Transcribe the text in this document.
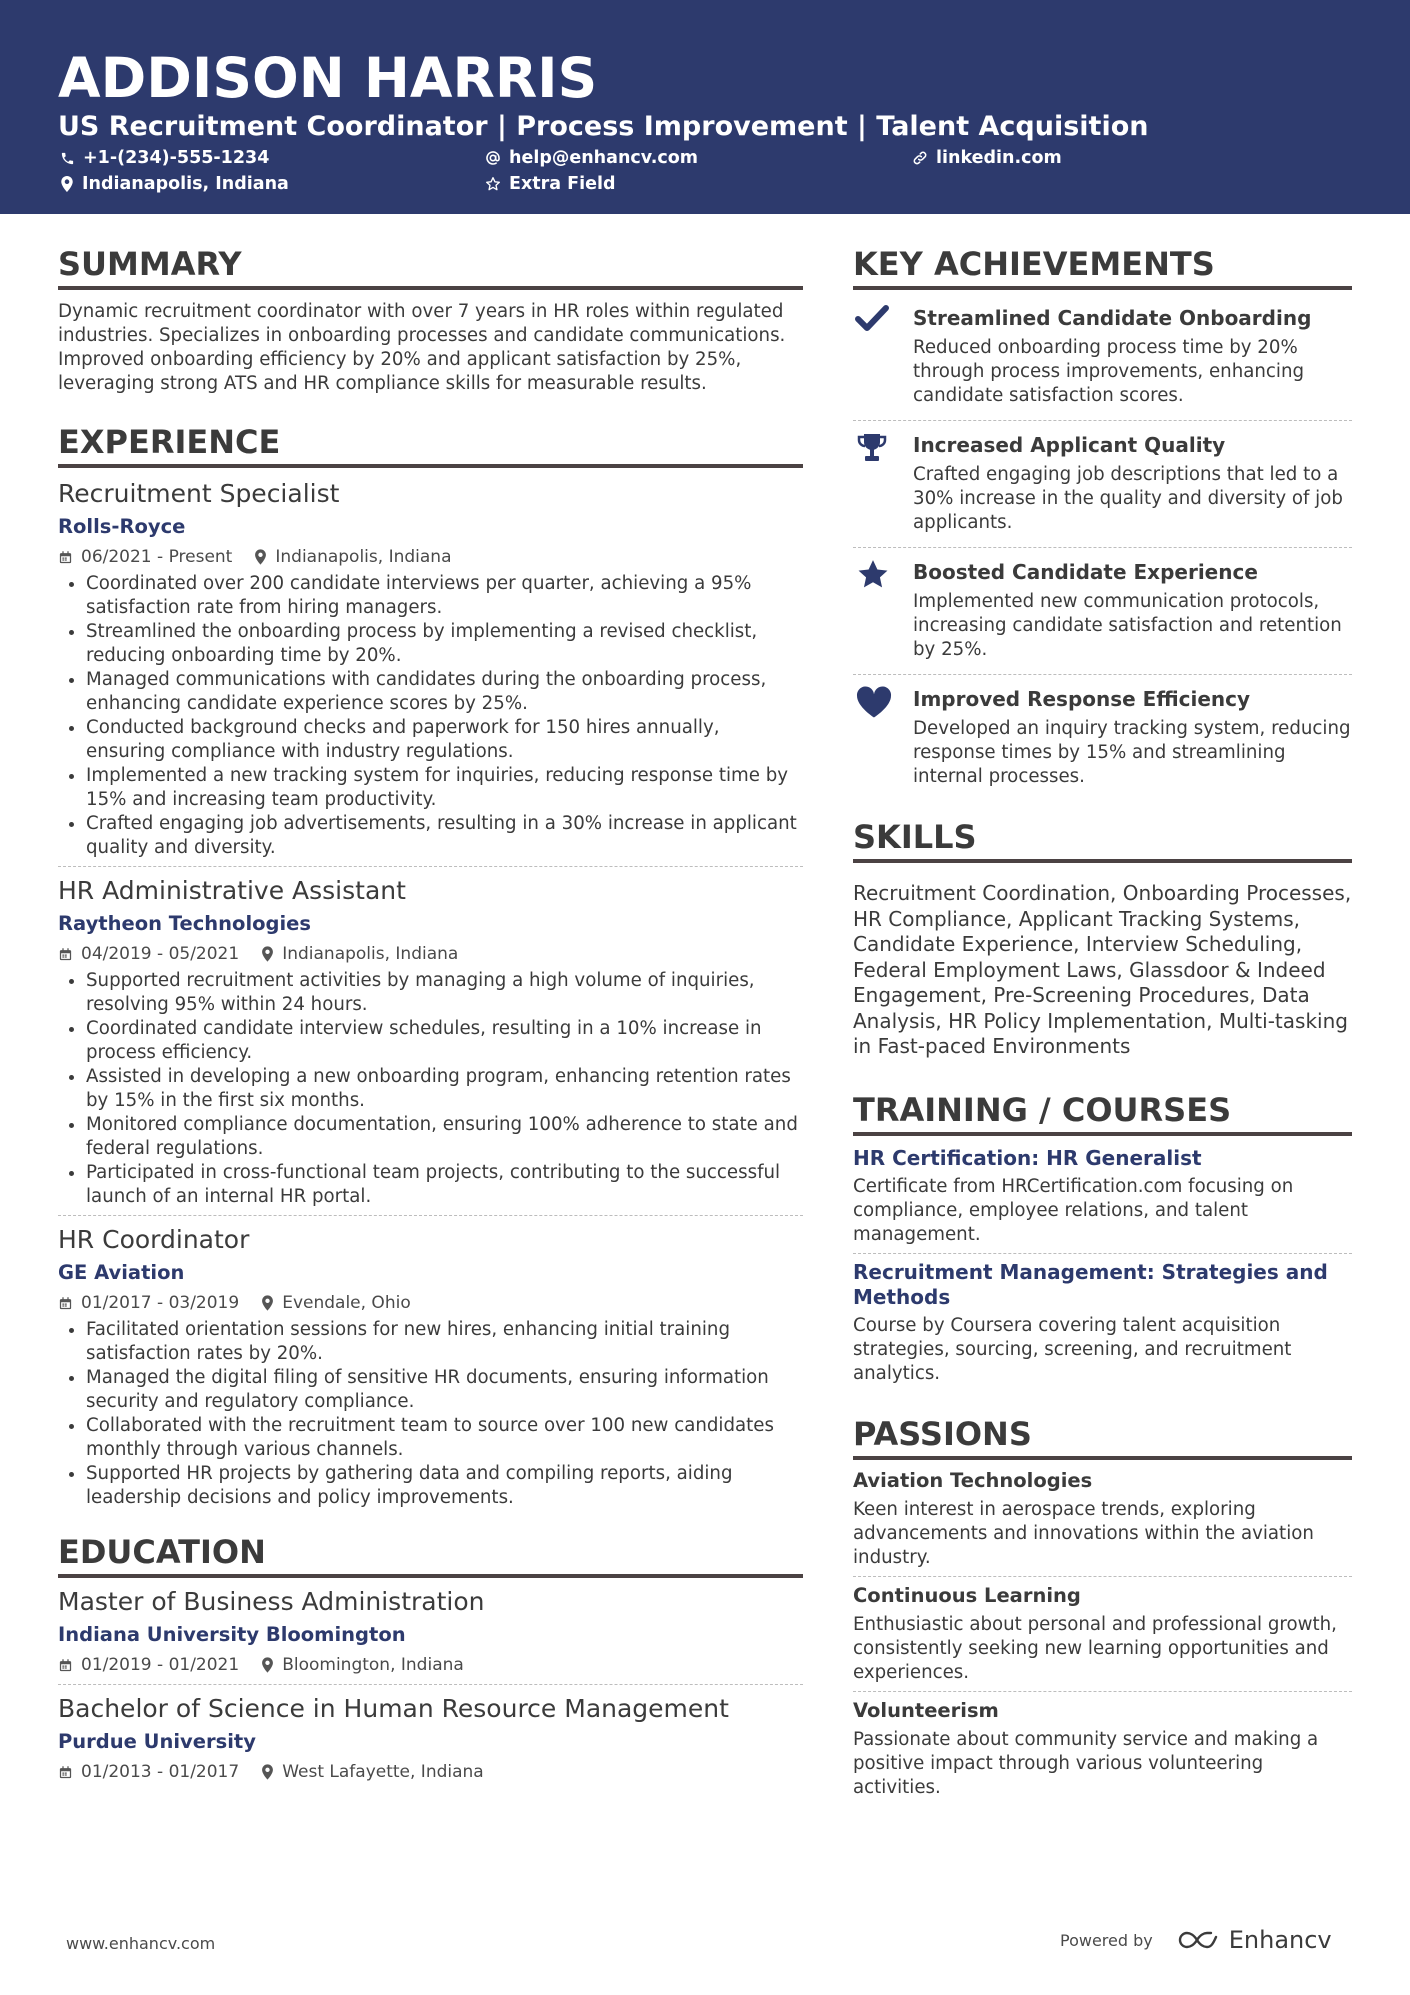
ADDISON HARRIS
US Recruitment Coordinator | Process Improvement | Talent Acquisition
+1-(234)-555-1234	help@enhancv.com	linkedin.com
Indianapolis, Indiana	Extra Field
SUMMARY

Dynamic recruitment coordinator with over 7 years in HR roles within regulated industries. Specializes in onboarding processes and candidate communications. Improved onboarding efficiency by 20% and applicant satisfaction by 25%, leveraging strong ATS and HR compliance skills for measurable results.

EXPERIENCE
Recruitment Specialist
Rolls-Royce
06/2021 - Present	Indianapolis, Indiana
• Coordinated over 200 candidate interviews per quarter, achieving a 95% satisfaction rate from hiring managers.
• Streamlined the onboarding process by implementing a revised checklist, reducing onboarding time by 20%.
• Managed communications with candidates during the onboarding process, enhancing candidate experience scores by 25%.
• Conducted background checks and paperwork for 150 hires annually, ensuring compliance with industry regulations.
• Implemented a new tracking system for inquiries, reducing response time by 15% and increasing team productivity.
• Crafted engaging job advertisements, resulting in a 30% increase in applicant quality and diversity.
HR Administrative Assistant
Raytheon Technologies
04/2019 - 05/2021	Indianapolis, Indiana
• Supported recruitment activities by managing a high volume of inquiries, resolving 95% within 24 hours.
• Coordinated candidate interview schedules, resulting in a 10% increase in process efficiency.
• Assisted in developing a new onboarding program, enhancing retention rates by 15% in the first six months.
• Monitored compliance documentation, ensuring 100% adherence to state and federal regulations.
• Participated in cross-functional team projects, contributing to the successful launch of an internal HR portal.
HR Coordinator
GE Aviation
01/2017 - 03/2019	Evendale, Ohio
• Facilitated orientation sessions for new hires, enhancing initial training satisfaction rates by 20%.
• Managed the digital filing of sensitive HR documents, ensuring information security and regulatory compliance.
• Collaborated with the recruitment team to source over 100 new candidates monthly through various channels.
• Supported HR projects by gathering data and compiling reports, aiding leadership decisions and policy improvements.
EDUCATION
Master of Business Administration
Indiana University Bloomington
01/2019 - 01/2021	Bloomington, Indiana
Bachelor of Science in Human Resource Management
Purdue University
01/2013 - 01/2017	West Lafayette, Indiana
KEY ACHIEVEMENTS
Streamlined Candidate Onboarding
Reduced onboarding process time by 20% through process improvements, enhancing candidate satisfaction scores.
Increased Applicant Quality
Crafted engaging job descriptions that led to a 30% increase in the quality and diversity of job applicants.
Boosted Candidate Experience
Implemented new communication protocols, increasing candidate satisfaction and retention by 25%.
Improved Response Efficiency
Developed an inquiry tracking system, reducing response times by 15% and streamlining internal processes.
SKILLS

Recruitment Coordination, Onboarding Processes, HR Compliance, Applicant Tracking Systems, Candidate Experience, Interview Scheduling, Federal Employment Laws, Glassdoor & Indeed Engagement, Pre-Screening Procedures, Data Analysis, HR Policy Implementation, Multi-tasking in Fast-paced Environments

TRAINING / COURSES
HR Certification: HR Generalist
Certificate from HRCertification.com focusing on compliance, employee relations, and talent management.
Recruitment Management: Strategies and Methods
Course by Coursera covering talent acquisition strategies, sourcing, screening, and recruitment analytics.
PASSIONS
Aviation Technologies
Keen interest in aerospace trends, exploring advancements and innovations within the aviation industry.
Continuous Learning
Enthusiastic about personal and professional growth, consistently seeking new learning opportunities and experiences.
Volunteerism
Passionate about community service and making a positive impact through various volunteering activities.
www.enhancv.com	Powered by	Enhancv
